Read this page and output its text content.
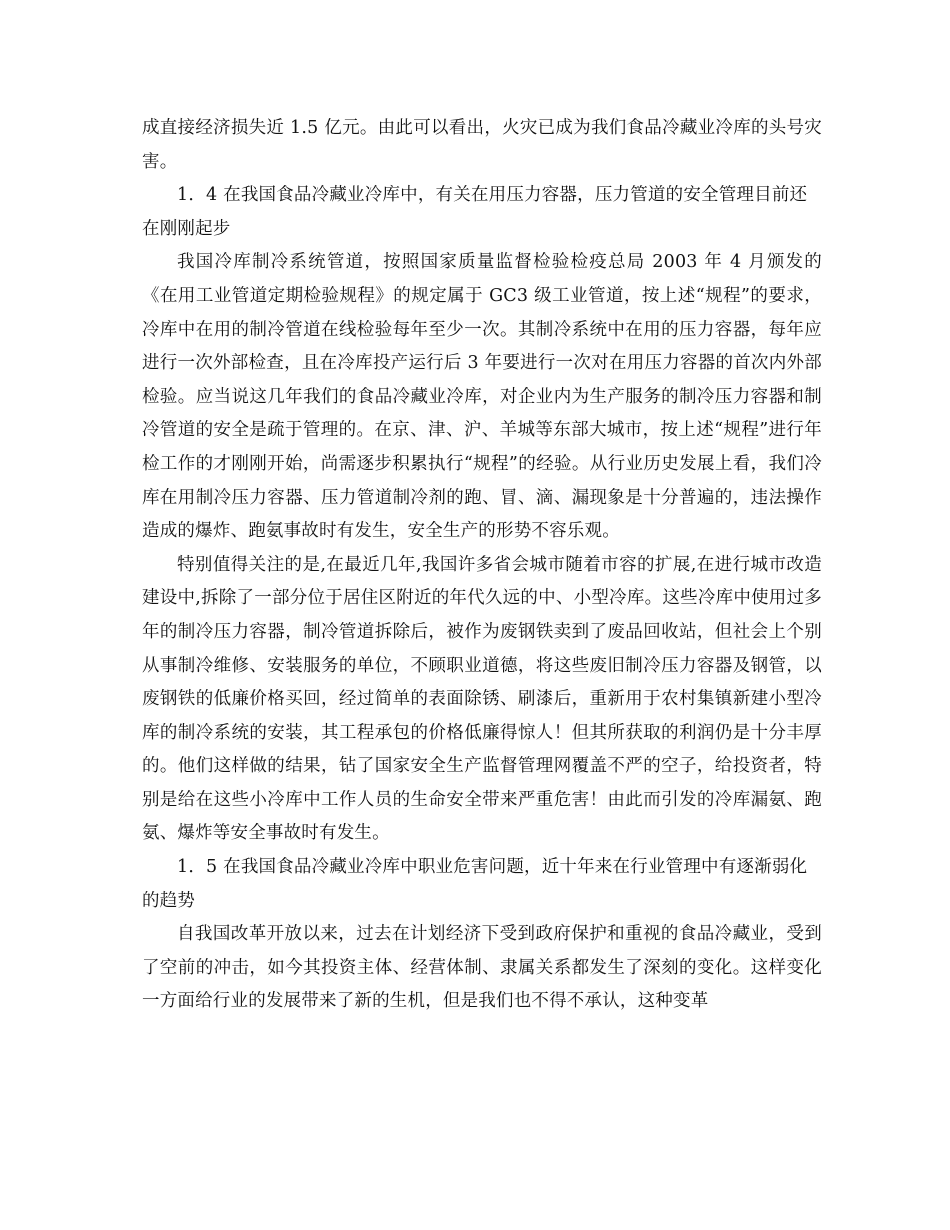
成直接经济损失近 1.5 亿元。由此可以看出，火灾已成为我们食品冷藏业冷库的头号灾害。

1．4 在我国食品冷藏业冷库中，有关在用压力容器，压力管道的安全管理目前还在刚刚起步

我国冷库制冷系统管道，按照国家质量监督检验检疫总局 2003 年 4 月颁发的《在用工业管道定期检验规程》的规定属于 GC3 级工业管道，按上述“规程”的要求，冷库中在用的制冷管道在线检验每年至少一次。其制冷系统中在用的压力容器，每年应进行一次外部检查，且在冷库投产运行后 3 年要进行一次对在用压力容器的首次内外部检验。应当说这几年我们的食品冷藏业冷库，对企业内为生产服务的制冷压力容器和制冷管道的安全是疏于管理的。在京、津、沪、羊城等东部大城市，按上述“规程”进行年检工作的才刚刚开始，尚需逐步积累执行“规程”的经验。从行业历史发展上看，我们冷库在用制冷压力容器、压力管道制冷剂的跑、冒、滴、漏现象是十分普遍的，违法操作造成的爆炸、跑氨事故时有发生，安全生产的形势不容乐观。

特别值得关注的是,在最近几年,我国许多省会城市随着市容的扩展,在进行城市改造建设中,拆除了一部分位于居住区附近的年代久远的中、小型冷库。这些冷库中使用过多年的制冷压力容器，制冷管道拆除后，被作为废钢铁卖到了废品回收站，但社会上个别从事制冷维修、安装服务的单位，不顾职业道德，将这些废旧制冷压力容器及钢管，以废钢铁的低廉价格买回，经过简单的表面除锈、刷漆后，重新用于农村集镇新建小型冷库的制冷系统的安装，其工程承包的价格低廉得惊人！但其所获取的利润仍是十分丰厚的。他们这样做的结果，钻了国家安全生产监督管理网覆盖不严的空子，给投资者，特别是给在这些小冷库中工作人员的生命安全带来严重危害！由此而引发的冷库漏氨、跑氨、爆炸等安全事故时有发生。

1．5 在我国食品冷藏业冷库中职业危害问题，近十年来在行业管理中有逐渐弱化的趋势

自我国改革开放以来，过去在计划经济下受到政府保护和重视的食品冷藏业，受到了空前的冲击，如今其投资主体、经营体制、隶属关系都发生了深刻的变化。这样变化一方面给行业的发展带来了新的生机，但是我们也不得不承认，这种变革
